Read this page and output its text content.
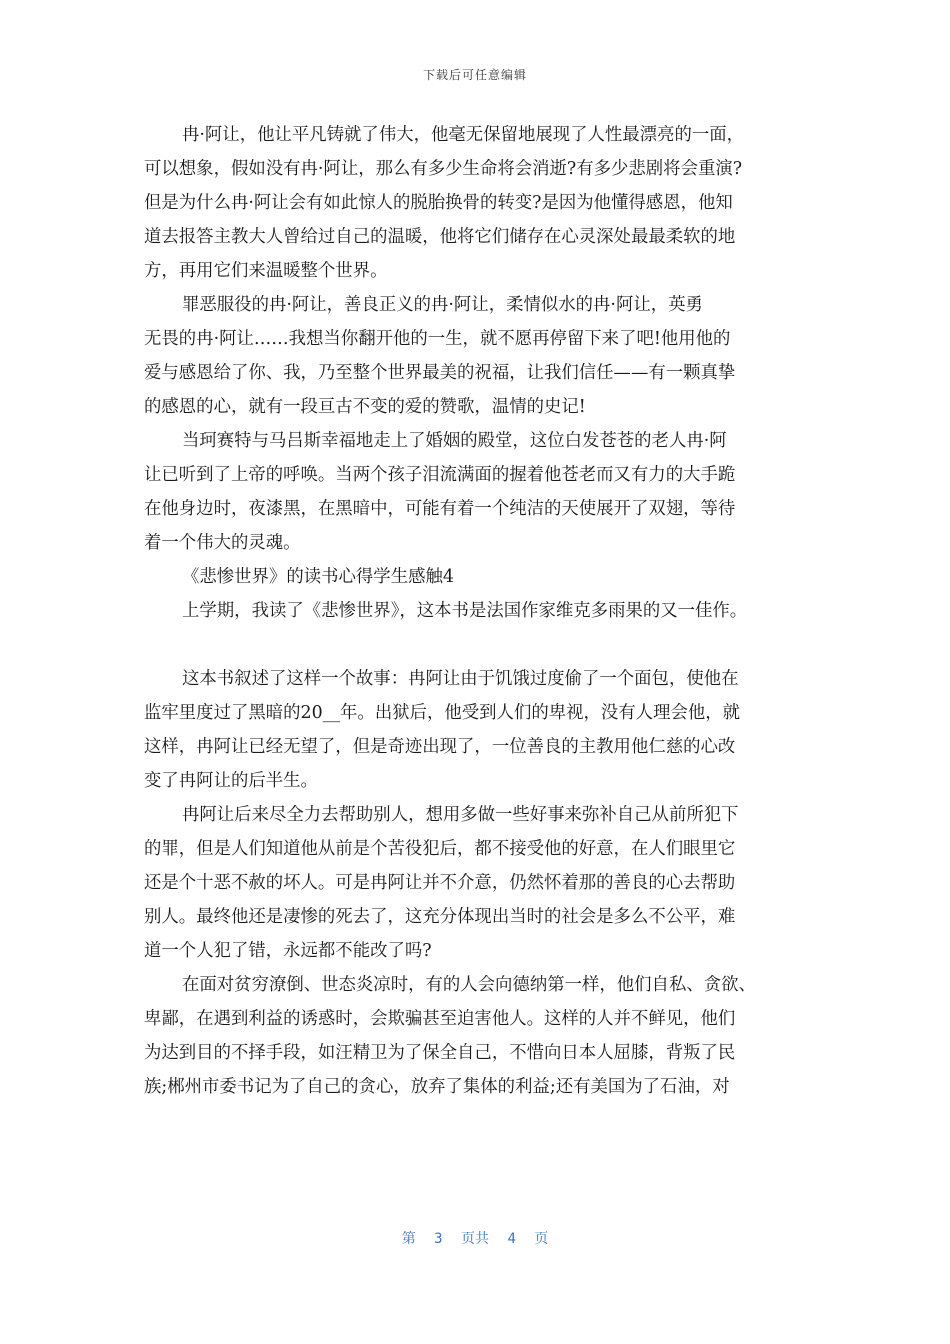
下载后可任意编辑
冉·阿让，他让平凡铸就了伟大，他毫无保留地展现了人性最漂亮的一面，
可以想象，假如没有冉·阿让，那么有多少生命将会消逝?有多少悲剧将会重演?
但是为什么冉·阿让会有如此惊人的脱胎换骨的转变?是因为他懂得感恩，他知
道去报答主教大人曾给过自己的温暖，他将它们储存在心灵深处最最柔软的地
方，再用它们来温暖整个世界。
罪恶服役的冉·阿让，善良正义的冉·阿让，柔情似水的冉·阿让，英勇
无畏的冉·阿让……我想当你翻开他的一生，就不愿再停留下来了吧!他用他的
爱与感恩给了你、我，乃至整个世界最美的祝福，让我们信任——有一颗真挚
的感恩的心，就有一段亘古不变的爱的赞歌，温情的史记!
当珂赛特与马吕斯幸福地走上了婚姻的殿堂，这位白发苍苍的老人冉·阿
让已听到了上帝的呼唤。当两个孩子泪流满面的握着他苍老而又有力的大手跪
在他身边时，夜漆黑，在黑暗中，可能有着一个纯洁的天使展开了双翅，等待
着一个伟大的灵魂。
《悲惨世界》的读书心得学生感触4
上学期，我读了《悲惨世界》，这本书是法国作家维克多雨果的又一佳作。
这本书叙述了这样一个故事：冉阿让由于饥饿过度偷了一个面包，使他在
监牢里度过了黑暗的20__年。出狱后，他受到人们的卑视，没有人理会他，就
这样，冉阿让已经无望了，但是奇迹出现了，一位善良的主教用他仁慈的心改
变了冉阿让的后半生。
冉阿让后来尽全力去帮助别人，想用多做一些好事来弥补自己从前所犯下
的罪，但是人们知道他从前是个苦役犯后，都不接受他的好意，在人们眼里它
还是个十恶不赦的坏人。可是冉阿让并不介意，仍然怀着那的善良的心去帮助
别人。最终他还是凄惨的死去了，这充分体现出当时的社会是多么不公平，难
道一个人犯了错，永远都不能改了吗?
在面对贫穷潦倒、世态炎凉时，有的人会向德纳第一样，他们自私、贪欲、
卑鄙，在遇到利益的诱惑时，会欺骗甚至迫害他人。这样的人并不鲜见，他们
为达到目的不择手段，如汪精卫为了保全自己，不惜向日本人屈膝，背叛了民
族;郴州市委书记为了自己的贪心，放弃了集体的利益;还有美国为了石油，对
第 3 页共 4 页
